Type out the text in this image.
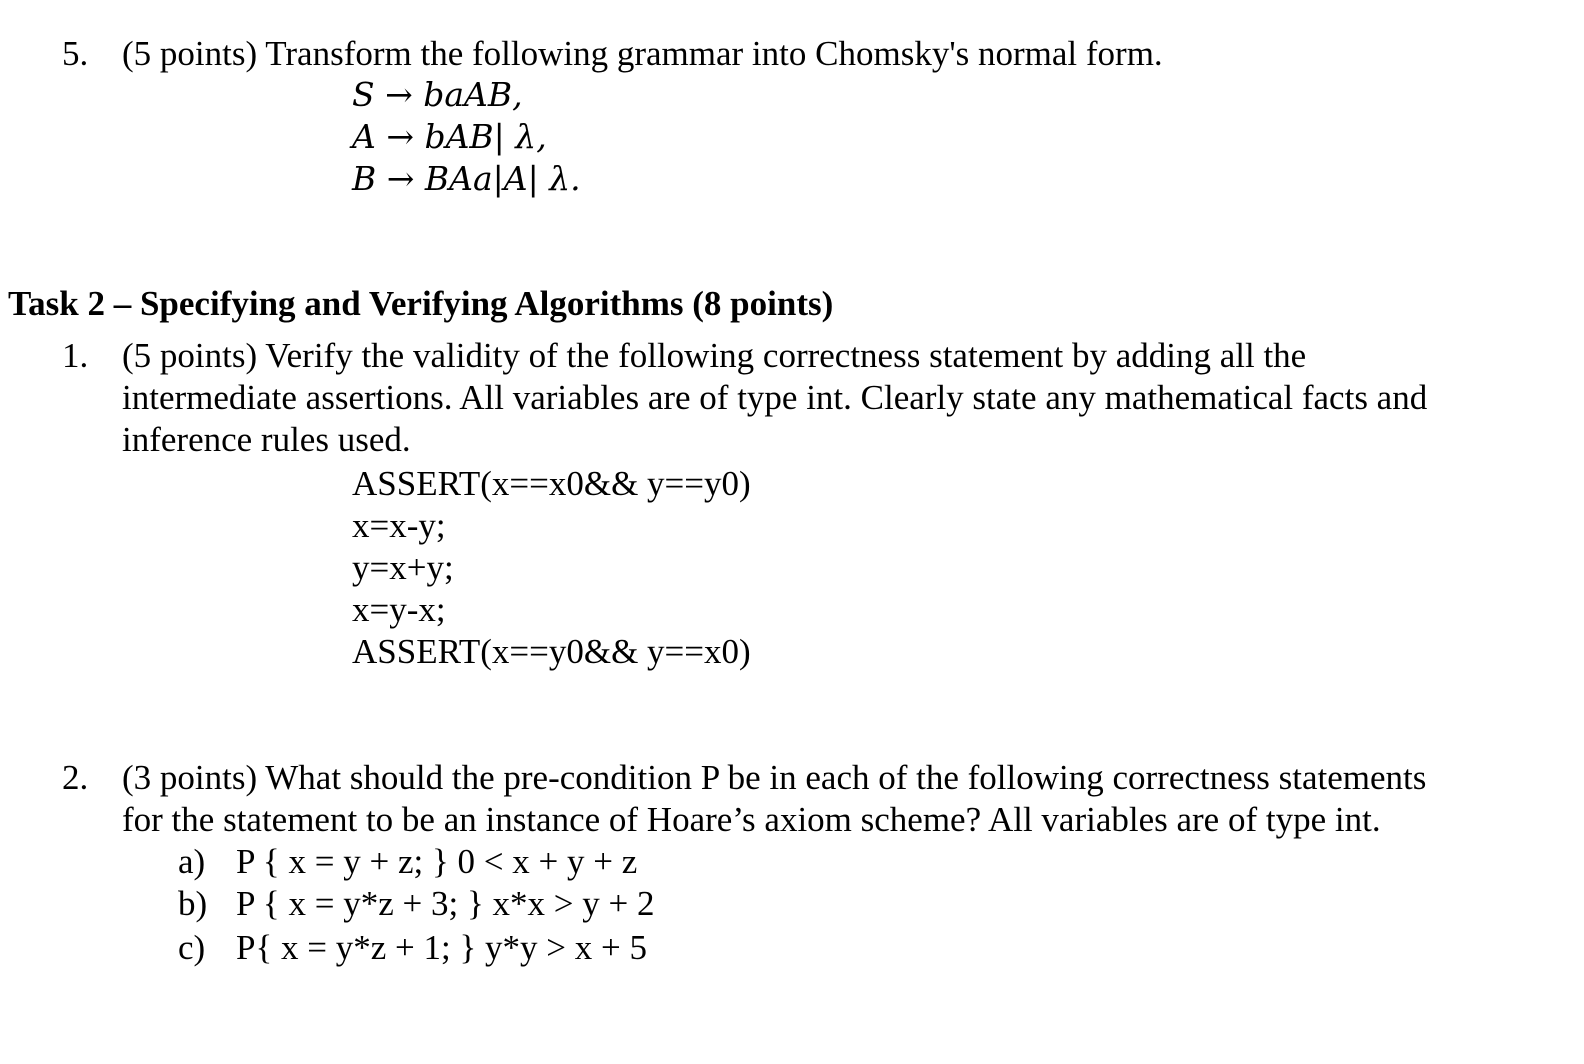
5. (5 points) Transform the following grammar into Chomsky's normal form.
S → baAB,
A → bAB| λ,
B → BAa|A| λ.
Task 2 – Specifying and Verifying Algorithms (8 points)
1. (5 points) Verify the validity of the following correctness statement by adding all the
intermediate assertions. All variables are of type int. Clearly state any mathematical facts and
inference rules used.
ASSERT(x==x0&& y==y0)
x=x-y;
y=x+y;
x=y-x;
ASSERT(x==y0&& y==x0)
2. (3 points) What should the pre-condition P be in each of the following correctness statements
for the statement to be an instance of Hoare’s axiom scheme? All variables are of type int.
a) P { x = y + z; } 0 < x + y + z
b) P { x = y*z + 3; } x*x > y + 2
c) P{ x = y*z + 1; } y*y > x + 5
